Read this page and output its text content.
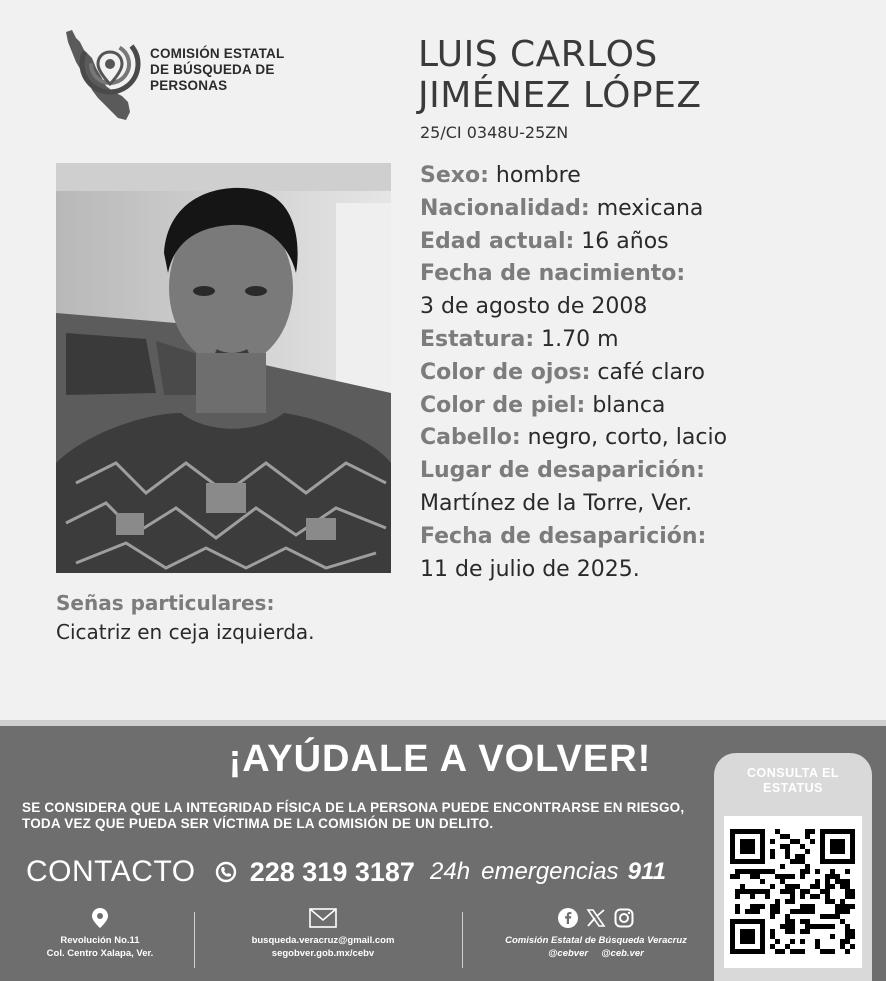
COMISIÓN ESTATAL
DE BÚSQUEDA DE
PERSONAS
LUIS CARLOS
JIMÉNEZ LÓPEZ
25/CI 0348U-25ZN
Sexo: hombre
Nacionalidad: mexicana
Edad actual: 16 años
Fecha de nacimiento:
3 de agosto de 2008
Estatura: 1.70 m
Color de ojos: café claro
Color de piel: blanca
Cabello: negro, corto, lacio
Lugar de desaparición:
Martínez de la Torre, Ver.
Fecha de desaparición:
11 de julio de 2025.
Señas particulares:
Cicatriz en ceja izquierda.
¡AYÚDALE A VOLVER!
SE CONSIDERA QUE LA INTEGRIDAD FÍSICA DE LA PERSONA PUEDE ENCONTRARSE EN RIESGO,
TODA VEZ QUE PUEDA SER VÍCTIMA DE LA COMISIÓN DE UN DELITO.
CONTACTO 228 319 3187 24h emergencias 911
Revolución No.11
Col. Centro Xalapa, Ver.
busqueda.veracruz@gmail.com
segobver.gob.mx/cebv
Comisión Estatal de Búsqueda Veracruz
@cebver @ceb.ver
CONSULTA EL
ESTATUS
